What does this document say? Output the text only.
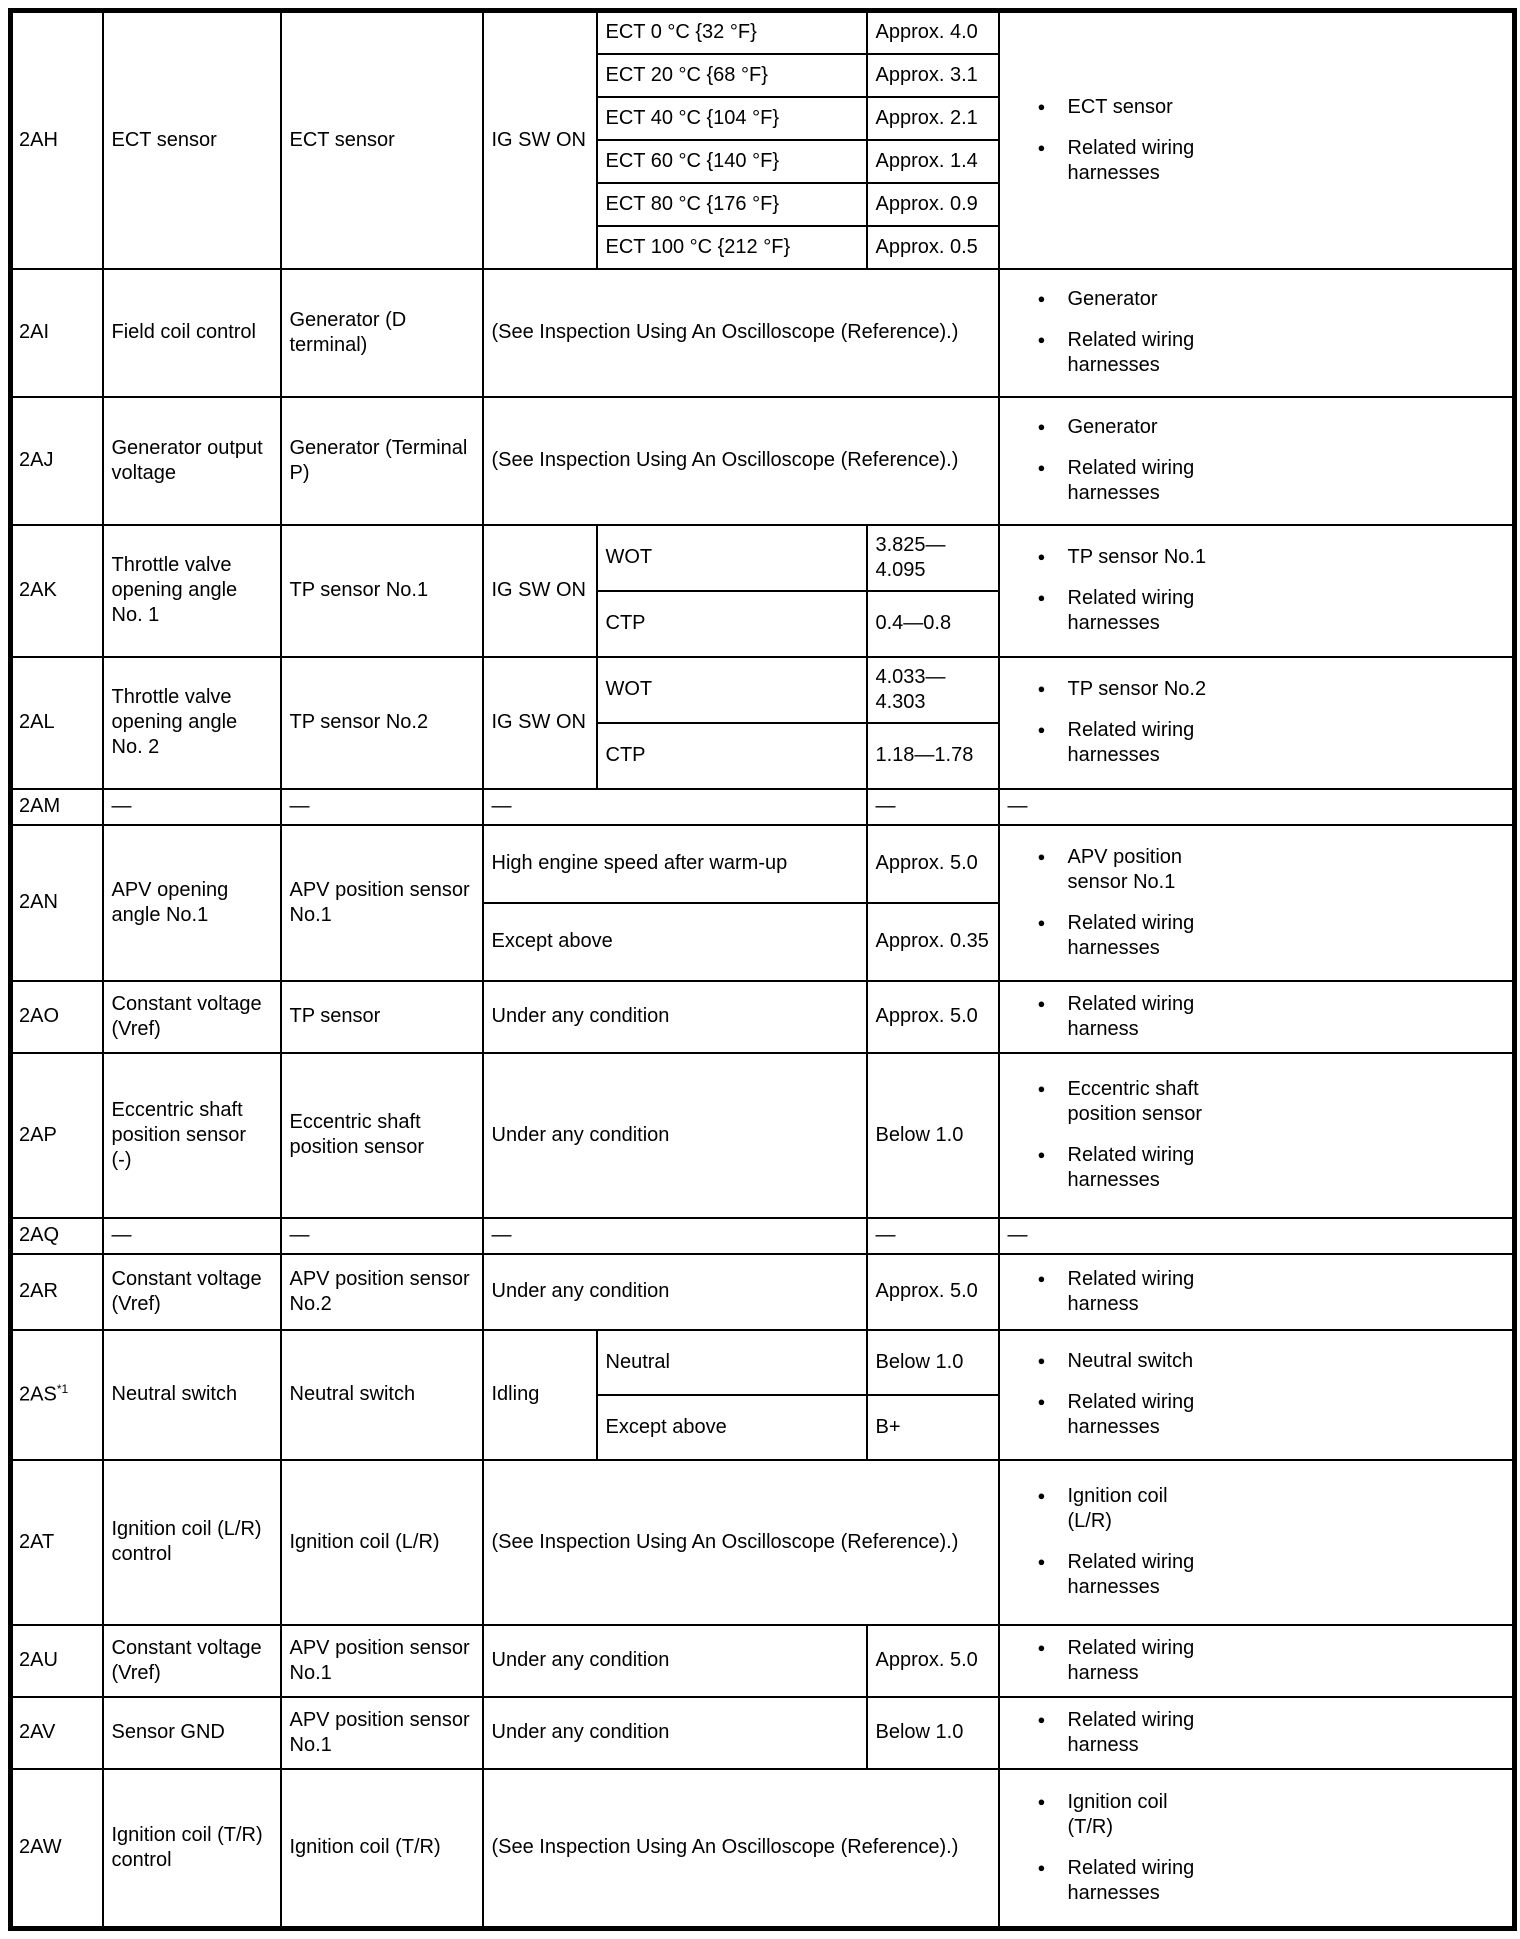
2AH	ECT sensor	ECT sensor	IG SW ON	ECT 0 °C {32 °F}	Approx. 4.0	● ECT sensor
● Related wiring harnesses

				ECT 20 °C {68 °F}	Approx. 3.1	
				ECT 40 °C {104 °F}	Approx. 2.1	
				ECT 60 °C {140 °F}	Approx. 1.4	
				ECT 80 °C {176 °F}	Approx. 0.9	
				ECT 100 °C {212 °F}	Approx. 0.5	
2AI	Field coil control	Generator (D terminal)	(See Inspection Using An Oscilloscope (Reference).)			● Generator
● Related wiring harnesses

2AJ	Generator output voltage	Generator (Terminal P)	(See Inspection Using An Oscilloscope (Reference).)			● Generator
● Related wiring harnesses

2AK	Throttle valve opening angle No. 1	TP sensor No.1	IG SW ON	WOT	3.825—4.095	● TP sensor No.1
● Related wiring harnesses

				CTP	0.4—0.8	
2AL	Throttle valve opening angle No. 2	TP sensor No.2	IG SW ON	WOT	4.033—4.303	● TP sensor No.2
● Related wiring harnesses

				CTP	1.18—1.78	
2AM	—	—	—		—	—
2AN	APV opening angle No.1	APV position sensor No.1	High engine speed after warm-up		Approx. 5.0	● APV position sensor No.1
● Related wiring harnesses

			Except above		Approx. 0.35	
2AO	Constant voltage (Vref)	TP sensor	Under any condition		Approx. 5.0	● Related wiring harness

2AP	Eccentric shaft position sensor (-)	Eccentric shaft position sensor	Under any condition		Below 1.0	● Eccentric shaft position sensor
● Related wiring harnesses

2AQ	—	—	—		—	—
2AR	Constant voltage (Vref)	APV position sensor No.2	Under any condition		Approx. 5.0	● Related wiring harness

2AS$^{*1}$	Neutral switch	Neutral switch	Idling	Neutral	Below 1.0	● Neutral switch
● Related wiring harnesses

				Except above	B+	
2AT	Ignition coil (L/R) control	Ignition coil (L/R)	(See Inspection Using An Oscilloscope (Reference).)			● Ignition coil (L/R)
● Related wiring harnesses

2AU	Constant voltage (Vref)	APV position sensor No.1	Under any condition		Approx. 5.0	● Related wiring harness

2AV	Sensor GND	APV position sensor No.1	Under any condition		Below 1.0	● Related wiring harness

2AW	Ignition coil (T/R) control	Ignition coil (T/R)	(See Inspection Using An Oscilloscope (Reference).)			● Ignition coil (T/R)
● Related wiring harnesses
